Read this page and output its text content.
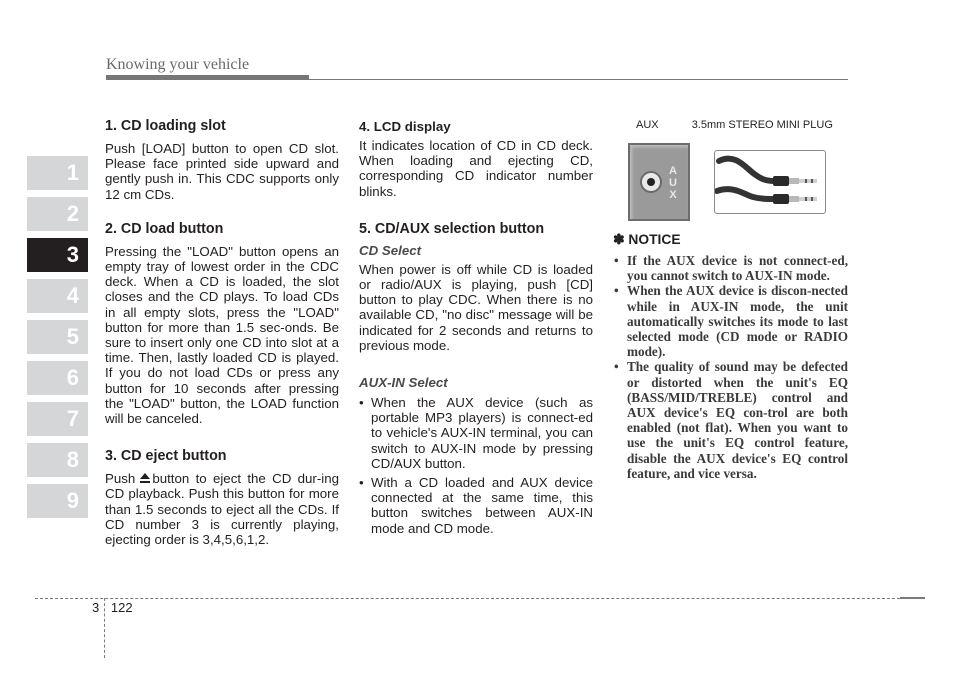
Knowing your vehicle
1
2
3
4
5
6
7
8
9
1. CD loading slot

Push [LOAD] button to open CD slot. Please face printed side upward and gently push in. This CDC supports only 12 cm CDs.

2. CD load button

Pressing the "LOAD" button opens an empty tray of lowest order in the CDC deck. When a CD is loaded, the slot closes and the CD plays. To load CDs in all empty slots, press the "LOAD" button for more than 1.5 sec-onds. Be sure to insert only one CD into slot at a time. Then, lastly loaded CD is played. If you do not load CDs or press any button for 10 seconds after pressing the "LOAD" button, the LOAD function will be canceled.

3. CD eject button

Push button to eject the CD dur-ing CD playback. Push this button for more than 1.5 seconds to eject all the CDs. If CD number 3 is currently playing, ejecting order is 3,4,5,6,1,2.

4. LCD display

It indicates location of CD in CD deck. When loading and ejecting CD, corresponding CD indicator number blinks.

5. CD/AUX selection button
CD Select

When power is off while CD is loaded or radio/AUX is playing, push [CD] button to play CDC. When there is no available CD, "no disc" message will be indicated for 2 seconds and returns to previous mode.

AUX-IN Select
• When the AUX device (such as portable MP3 players) is connect-ed to vehicle's AUX-IN terminal, you can switch to AUX-IN mode by pressing CD/AUX button.
• With a CD loaded and AUX device connected at the same time, this button switches between AUX-IN mode and CD mode.
AUX	3.5mm STEREO MINI PLUG
A
U
X
✽ NOTICE
• If the AUX device is not connect-ed, you cannot switch to AUX-IN mode.
• When the AUX device is discon-nected while in AUX-IN mode, the unit automatically switches its mode to last selected mode (CD mode or RADIO mode).
• The quality of sound may be defected or distorted when the unit's EQ (BASS/MID/TREBLE) control and AUX device's EQ con-trol are both enabled (not flat). When you want to use the unit's EQ control feature, disable the AUX device's EQ control feature, and vice versa.
3 122
